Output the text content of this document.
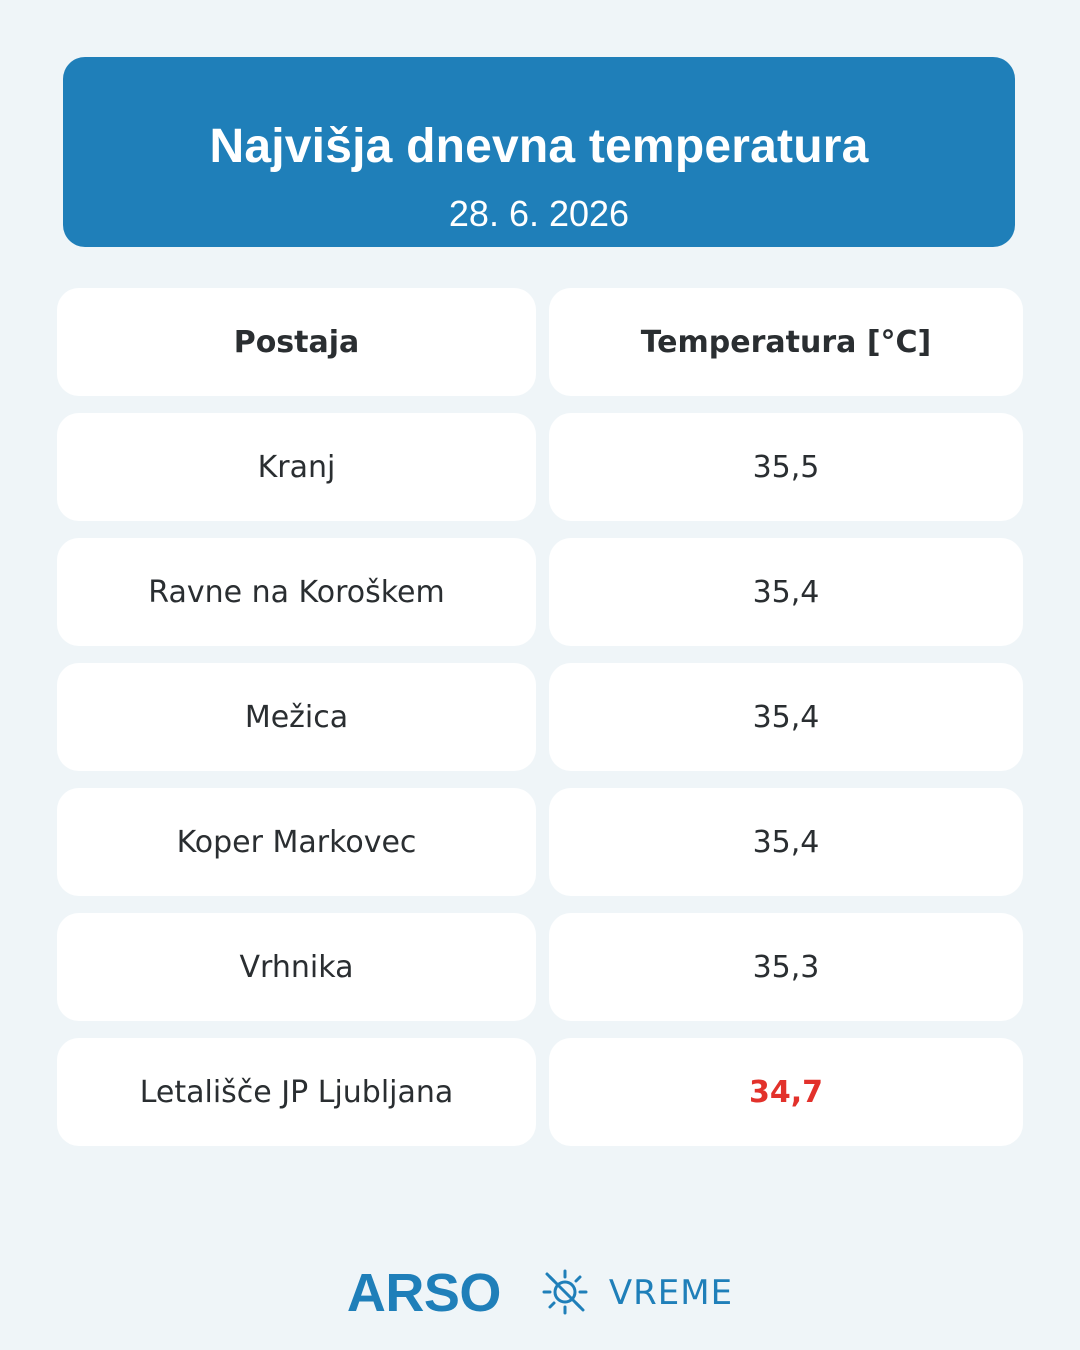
Najvišja dnevna temperatura
28. 6. 2026
Postaja	Temperatura [°C]
Kranj	35,5
Ravne na Koroškem	35,4
Mežica	35,4
Koper Markovec	35,4
Vrhnika	35,3
Letališče JP Ljubljana	34,7
ARSO	VREME
